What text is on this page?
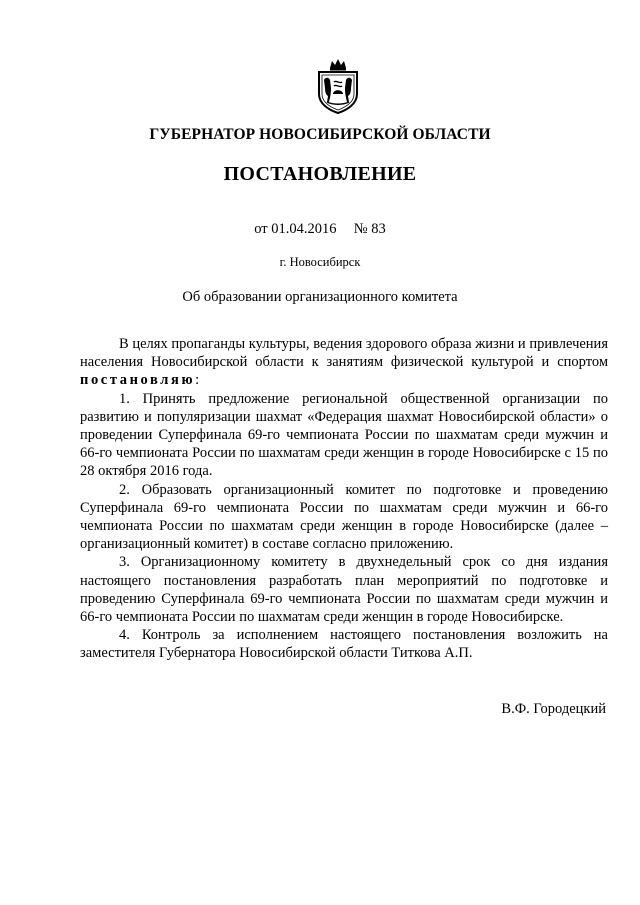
ГУБЕРНАТОР НОВОСИБИРСКОЙ ОБЛАСТИ
ПОСТАНОВЛЕНИЕ
от 01.04.2016 № 83
г. Новосибирск
Об образовании организационного комитета

В целях пропаганды культуры, ведения здорового образа жизни и привлечения населения Новосибирской области к занятиям физической культурой и спортом постановляю:

1. Принять предложение региональной общественной организации по развитию и популяризации шахмат «Федерация шахмат Новосибирской области» о проведении Суперфинала 69-го чемпионата России по шахматам среди мужчин и 66-го чемпионата России по шахматам среди женщин в городе Новосибирске с 15 по 28 октября 2016 года.

2. Образовать организационный комитет по подготовке и проведению Суперфинала 69-го чемпионата России по шахматам среди мужчин и 66-го чемпионата России по шахматам среди женщин в городе Новосибирске (далее – организационный комитет) в составе согласно приложению.

3. Организационному комитету в двухнедельный срок со дня издания настоящего постановления разработать план мероприятий по подготовке и проведению Суперфинала 69-го чемпионата России по шахматам среди мужчин и 66-го чемпионата России по шахматам среди женщин в городе Новосибирске.

4. Контроль за исполнением настоящего постановления возложить на заместителя Губернатора Новосибирской области Титкова А.П.

В.Ф. Городецкий
